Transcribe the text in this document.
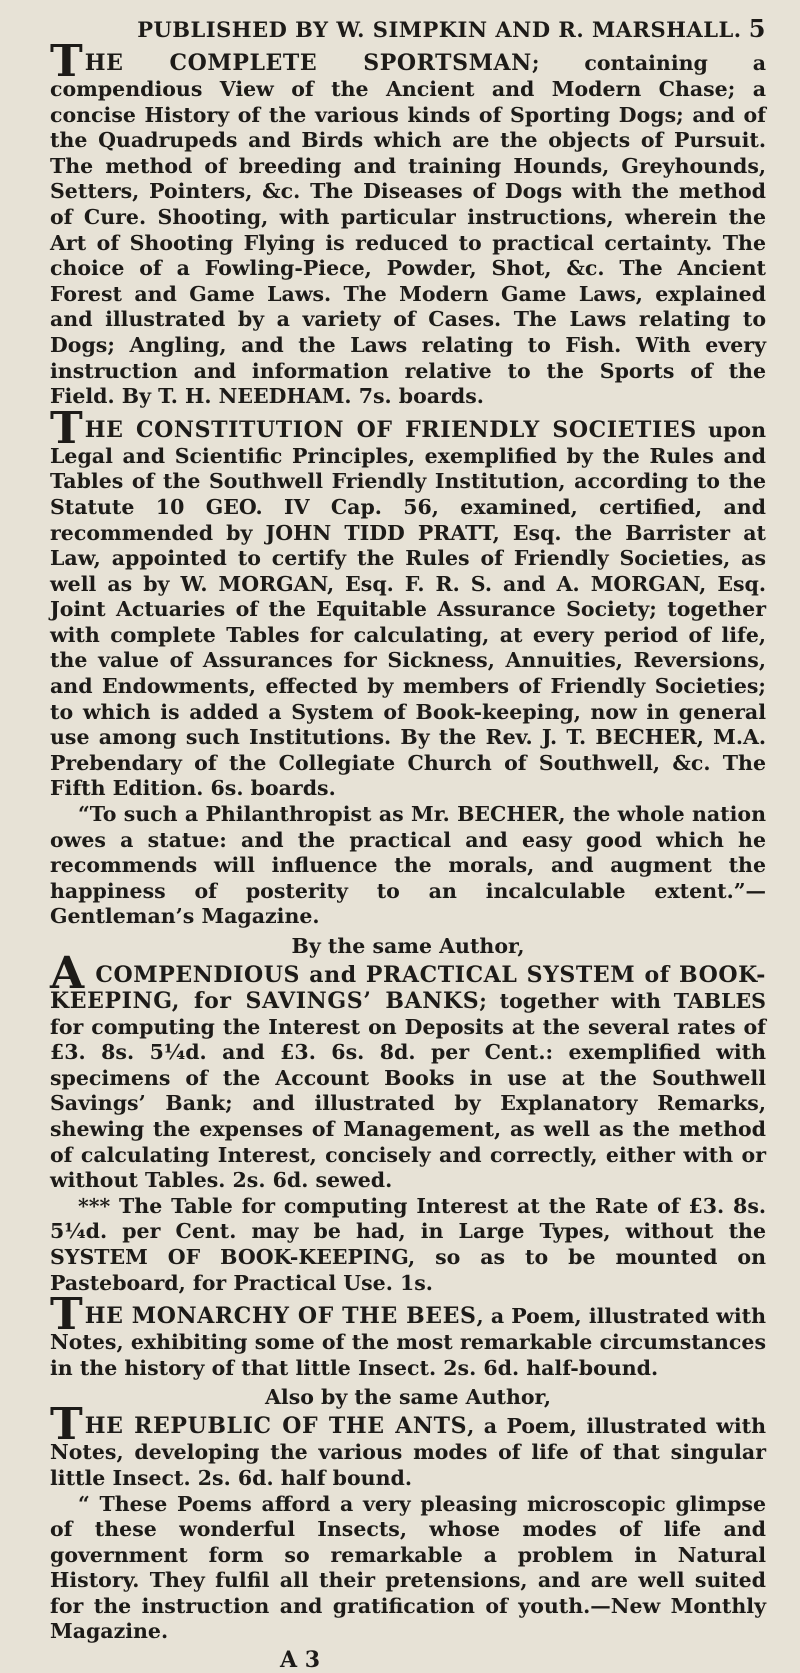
PUBLISHED BY W. SIMPKIN AND R. MARSHALL. 5

THE COMPLETE SPORTSMAN; containing a compendious View of the Ancient and Modern Chase; a concise History of the various kinds of Sporting Dogs; and of the Quadrupeds and Birds which are the objects of Pursuit. The method of breeding and training Hounds, Greyhounds, Setters, Pointers, &c. The Diseases of Dogs with the method of Cure. Shooting, with particular instructions, wherein the Art of Shooting Flying is reduced to practical certainty. The choice of a Fowling-Piece, Powder, Shot, &c. The Ancient Forest and Game Laws. The Modern Game Laws, explained and illustrated by a variety of Cases. The Laws relating to Dogs; Angling, and the Laws relating to Fish. With every instruction and information relative to the Sports of the Field. By T. H. NEEDHAM. 7s. boards.

THE CONSTITUTION OF FRIENDLY SOCIETIES upon Legal and Scientific Principles, exemplified by the Rules and Tables of the Southwell Friendly Institution, according to the Statute 10 GEO. IV Cap. 56, examined, certified, and recommended by JOHN TIDD PRATT, Esq. the Barrister at Law, appointed to certify the Rules of Friendly Societies, as well as by W. MORGAN, Esq. F. R. S. and A. MORGAN, Esq. Joint Actuaries of the Equitable Assurance Society; together with complete Tables for calculating, at every period of life, the value of Assurances for Sickness, Annuities, Reversions, and Endowments, effected by members of Friendly Societies; to which is added a System of Book-keeping, now in general use among such Institutions. By the Rev. J. T. BECHER, M.A. Prebendary of the Collegiate Church of Southwell, &c. The Fifth Edition. 6s. boards.

“To such a Philanthropist as Mr. BECHER, the whole nation owes a statue: and the practical and easy good which he recommends will influence the morals, and augment the happiness of posterity to an incalculable extent.”—Gentleman’s Magazine.

By the same Author,

A COMPENDIOUS and PRACTICAL SYSTEM of BOOK-KEEPING, for SAVINGS’ BANKS; together with TABLES for computing the Interest on Deposits at the several rates of £3. 8s. 5¼d. and £3. 6s. 8d. per Cent.: exemplified with specimens of the Account Books in use at the Southwell Savings’ Bank; and illustrated by Explanatory Remarks, shewing the expenses of Management, as well as the method of calculating Interest, concisely and correctly, either with or without Tables. 2s. 6d. sewed.

*** The Table for computing Interest at the Rate of £3. 8s. 5¼d. per Cent. may be had, in Large Types, without the SYSTEM OF BOOK-KEEPING, so as to be mounted on Pasteboard, for Practical Use. 1s.

THE MONARCHY OF THE BEES, a Poem, illustrated with Notes, exhibiting some of the most remarkable circumstances in the history of that little Insect. 2s. 6d. half-bound.

Also by the same Author,

THE REPUBLIC OF THE ANTS, a Poem, illustrated with Notes, developing the various modes of life of that singular little Insect. 2s. 6d. half bound.

“ These Poems afford a very pleasing microscopic glimpse of these wonderful Insects, whose modes of life and government form so remarkable a problem in Natural History. They fulfil all their pretensions, and are well suited for the instruction and gratification of youth.—New Monthly Magazine.

A 3
